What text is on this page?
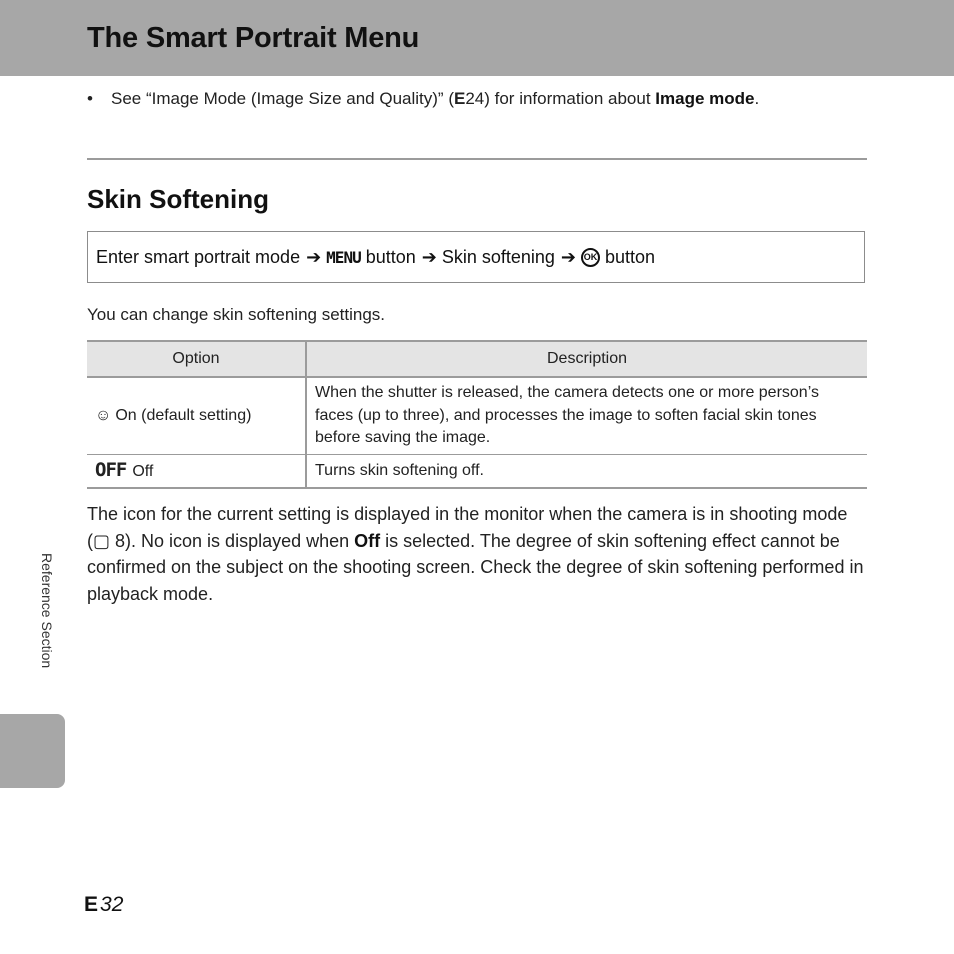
The Smart Portrait Menu
• See “Image Mode (Image Size and Quality)” (E24) for information about Image mode.
Skin Softening
Enter smart portrait mode ➔ MENU button ➔ Skin softening ➔ OK button
You can change skin softening settings.
Option	Description
☺ On (default setting)	When the shutter is released, the camera detects one or more person’s faces (up to three), and processes the image to soften facial skin tones before saving the image.
OFF Off	Turns skin softening off.

The icon for the current setting is displayed in the monitor when the camera is in shooting mode (▢ 8). No icon is displayed when Off is selected. The degree of skin softening effect cannot be confirmed on the subject on the shooting screen. Check the degree of skin softening performed in playback mode.

Reference Section
E32
